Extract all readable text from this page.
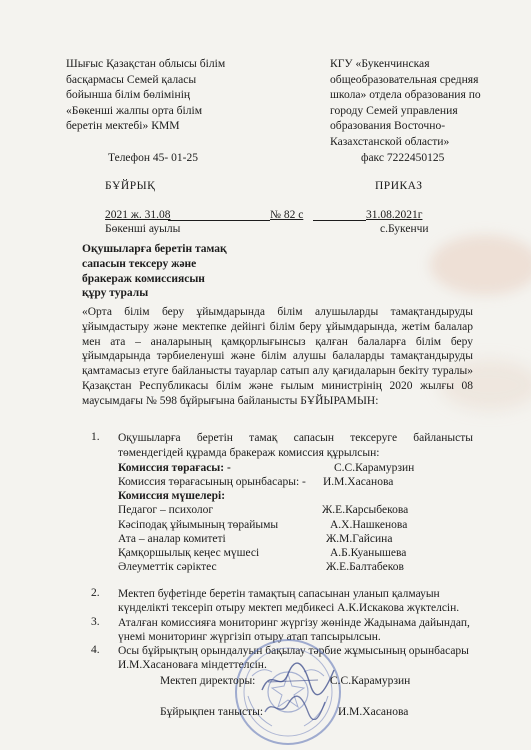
Шығыс Қазақстан облысы білім
басқармасы Семей қаласы
бойынша білім бөлімінің
«Бөкенші жалпы орта білім
беретін мектебі» КММ
КГУ «Букенчинская
общеобразовательная средняя
школа» отдела образования по
городу Семей управления
образования Восточно-
Казахстанской области»
Телефон 45- 01-25	факс 7222450125
БҰЙРЫҚ	ПРИКАЗ
2021 ж. 31.08	№ 82 с	31.08.2021г
Бөкенші ауылы	с.Букенчи
Оқушыларға беретін тамақ
сапасын тексеру және
бракераж комиссиясын
құру туралы
«Орта білім беру ұйымдарында білім алушыларды тамақтандыруды ұйымдастыру және мектепке дейінгі білім беру ұйымдарында, жетім балалар мен ата – аналарының қамқорлығынсыз қалған балаларға білім беру ұйымдарында тәрбиеленуші және білім алушы балаларды тамақтандыруды қамтамасыз етуге байланысты тауарлар сатып алу қағидаларын бекіту туралы» Қазақстан Республикасы білім және ғылым министрінің 2020 жылғы 08 маусымдағы № 598 бұйрығына байланысты БҰЙЫРАМЫН:
1. Оқушыларға беретін тамақ сапасын тексеруге байланысты төмендегідей құрамда бракераж комиссия құрылсын:
Комиссия төрағасы: -	С.С.Карамурзин
Комиссия төрағасының орынбасары: - И.М.Хасанова
Комиссия мүшелері:
Педагог – психолог	Ж.Е.Карсыбекова
Кәсіподақ ұйымының төрайымы	А.Х.Нашкенова
Ата – аналар комитеті	Ж.М.Гайсина
Қамқоршылық кеңес мүшесі	А.Б.Куанышева
Әлеуметтік сәріктес	Ж.Е.Балтабеков
2. Мектеп буфетінде беретін тамақтың сапасынан уланып қалмауын
күнделікті тексеріп отыру мектеп медбикесі А.К.Искакова жүктелсін.
3. Аталған комиссияға мониторинг жүргізу жөнінде Жадынама дайындап,
үнемі мониторинг жүргізіп отыру атап тапсырылсын.
4. Осы бұйрықтың орындалуын бақылау тәрбие жұмысының орынбасары
И.М.Хасановаға міндеттелсін.
Мектеп директоры:	С.С.Карамурзин
Бұйрықпен танысты:	И.М.Хасанова
